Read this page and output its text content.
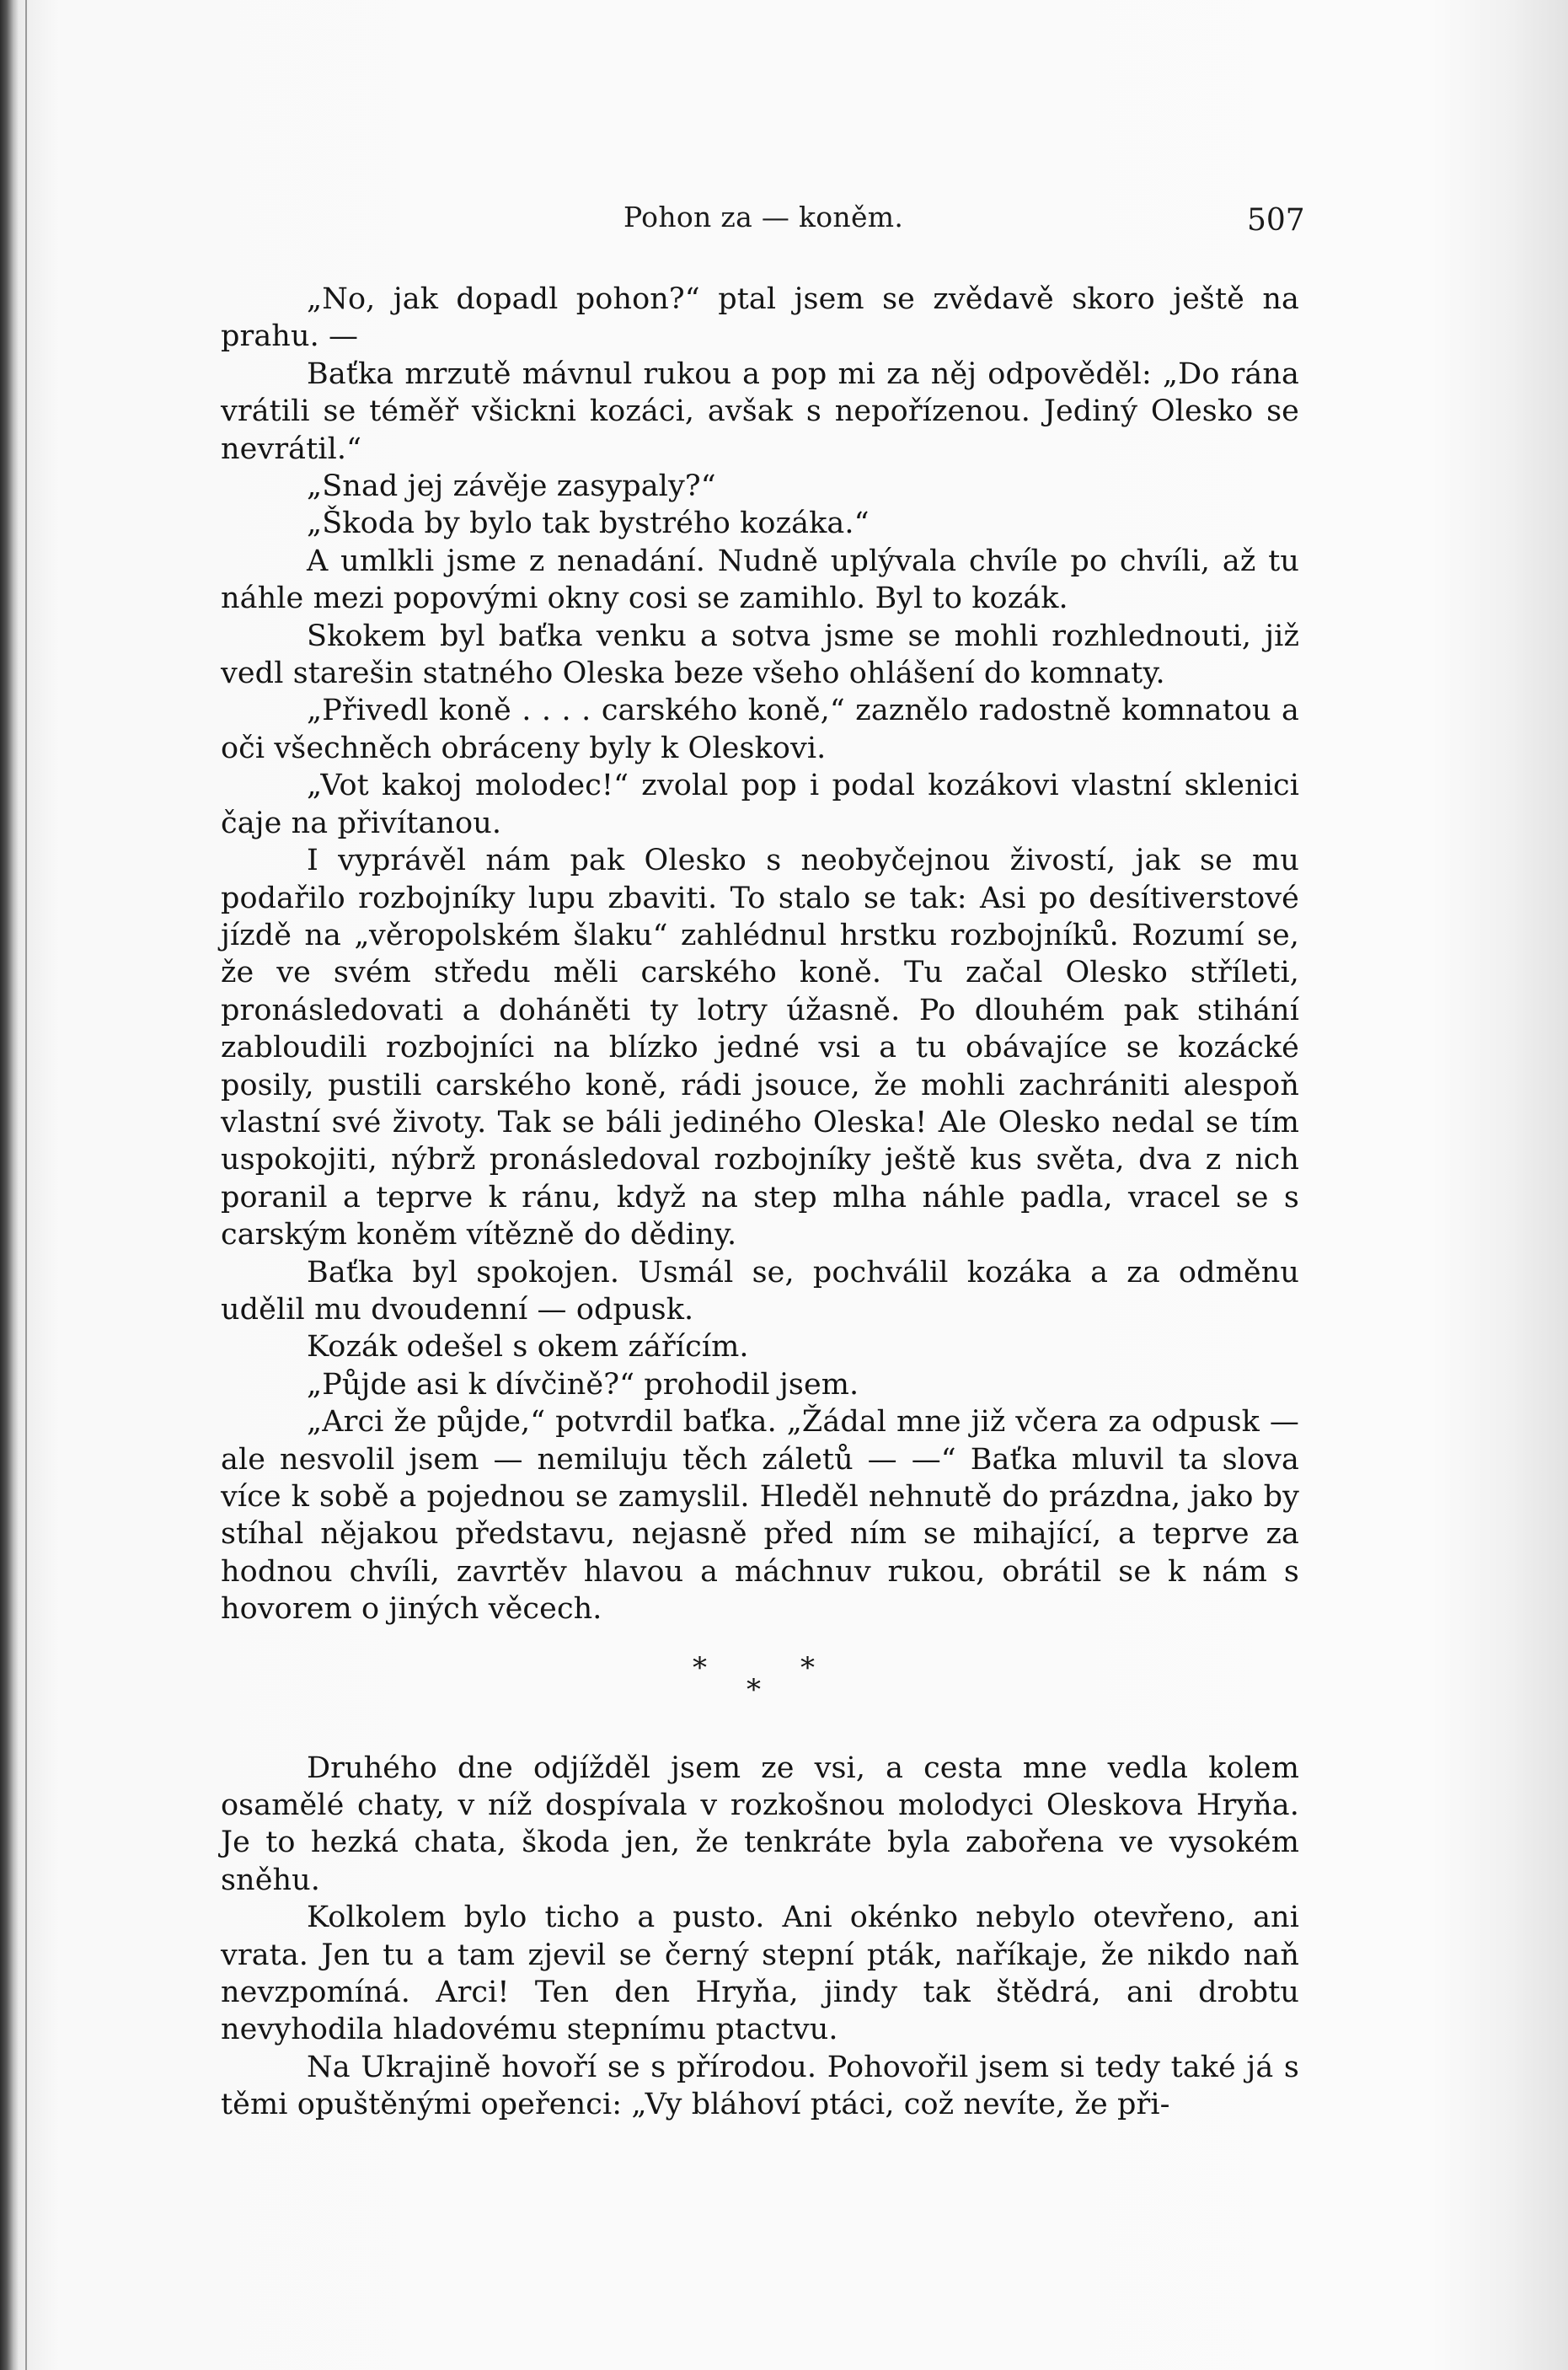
Pohon za — koněm.	507

„No, jak dopadl pohon?“ ptal jsem se zvědavě skoro ještě na prahu. —

Baťka mrzutě mávnul rukou a pop mi za něj odpověděl: „Do rána vrátili se téměř všickni kozáci, avšak s nepořízenou. Jediný Olesko se nevrátil.“

„Snad jej závěje zasypaly?“

„Škoda by bylo tak bystrého kozáka.“

A umlkli jsme z nenadání. Nudně uplývala chvíle po chvíli, až tu náhle mezi popovými okny cosi se zamihlo. Byl to kozák.

Skokem byl baťka venku a sotva jsme se mohli rozhlednouti, již vedl starešin statného Oleska beze všeho ohlášení do komnaty.

„Přivedl koně . . . . carského koně,“ zaznělo radostně komnatou a oči všechněch obráceny byly k Oleskovi.

„Vot kakoj molodec!“ zvolal pop i podal kozákovi vlastní sklenici čaje na přivítanou.

I vyprávěl nám pak Olesko s neobyčejnou živostí, jak se mu podařilo rozbojníky lupu zbaviti. To stalo se tak: Asi po desítiverstové jízdě na „věropolském šlaku“ zahlédnul hrstku rozbojníků. Rozumí se, že ve svém středu měli carského koně. Tu začal Olesko stříleti, pronásledovati a doháněti ty lotry úžasně. Po dlouhém pak stihání zabloudili rozbojníci na blízko jedné vsi a tu obávajíce se kozácké posily, pustili carského koně, rádi jsouce, že mohli zachrániti alespoň vlastní své životy. Tak se báli jediného Oleska! Ale Olesko nedal se tím uspokojiti, nýbrž pronásledoval rozbojníky ještě kus světa, dva z nich poranil a teprve k ránu, když na step mlha náhle padla, vracel se s carským koněm vítězně do dědiny.

Baťka byl spokojen. Usmál se, pochválil kozáka a za odměnu udělil mu dvoudenní — odpusk.

Kozák odešel s okem zářícím.

„Půjde asi k dívčině?“ prohodil jsem.

„Arci že půjde,“ potvrdil baťka. „Žádal mne již včera za odpusk — ale nesvolil jsem — nemiluju těch záletů — —“ Baťka mluvil ta slova více k sobě a pojednou se zamyslil. Hleděl nehnutě do prázdna, jako by stíhal nějakou představu, nejasně před ním se mihající, a teprve za hodnou chvíli, zavrtěv hlavou a máchnuv rukou, obrátil se k nám s hovorem o jiných věcech.

*
*
*

Druhého dne odjížděl jsem ze vsi, a cesta mne vedla kolem osamělé chaty, v níž dospívala v rozkošnou molodyci Oleskova Hryňa. Je to hezká chata, škoda jen, že tenkráte byla zabořena ve vysokém sněhu.

Kolkolem bylo ticho a pusto. Ani okénko nebylo otevřeno, ani vrata. Jen tu a tam zjevil se černý stepní pták, naříkaje, že nikdo naň nevzpomíná. Arci! Ten den Hryňa, jindy tak štědrá, ani drobtu nevyhodila hladovému stepnímu ptactvu.

Na Ukrajině hovoří se s přírodou. Pohovořil jsem si tedy také já s těmi opuštěnými opeřenci: „Vy bláhoví ptáci, což nevíte, že při-
